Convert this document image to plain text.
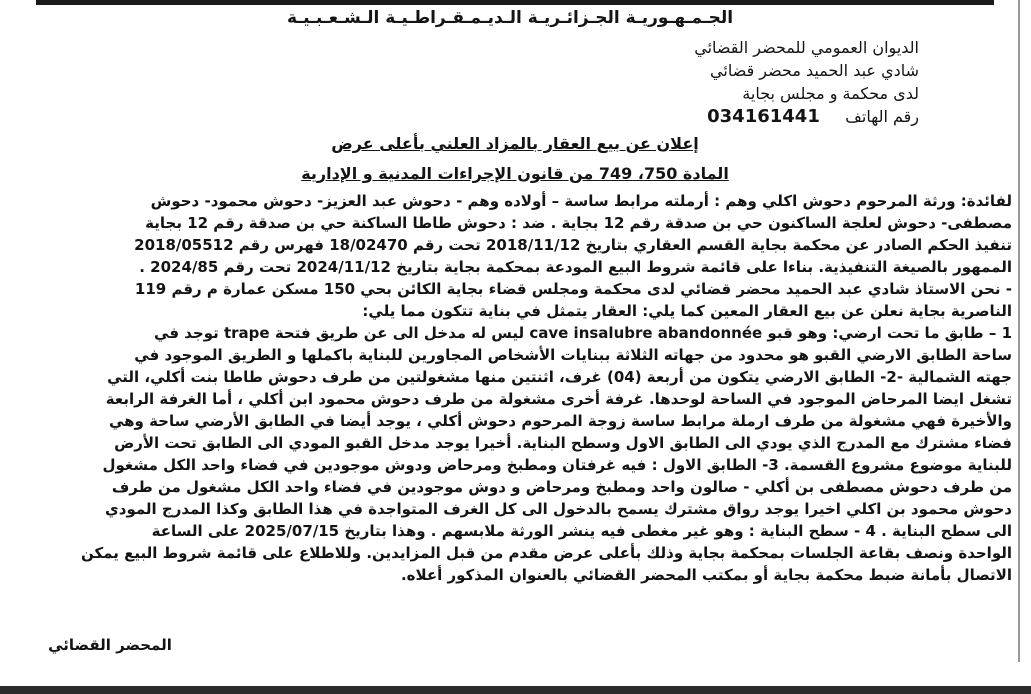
الجـمـهـوريـة الجـزائـريـة الـديـمـقـراطـيـة الـشـعـبـيـة
الديوان العمومي للمحضر القضائي
شادي عبد الحميد محضر قضائي
لدى محكمة و مجلس بجاية
رقم الهاتف     034161441
إعلان عن بيع العقار بالمزاد العلني بأعلى عرض
المادة 750، 749 من قانون الإجراءات المدنية و الإدارية
لفائدة: ورثة المرحوم دحوش اكلي وهم : أرملته مرابط ساسة – أولاده وهم - دحوش عبد العزيز- دحوش محمود- دحوش
مصطفى- دحوش لعلجة الساكنون حي بن صدقة رقم 12 بجاية . ضد : دحوش طاطا الساكنة حي بن صدقة رقم 12 بجاية
تنفيذ الحكم الصادر عن محكمة بجاية القسم العقاري بتاريخ 2018/11/12 تحت رقم 18/02470 فهرس رقم 2018/05512
الممهور بالصيغة التنفيذية. بناءا على قائمة شروط البيع المودعة بمحكمة بجاية بتاريخ 2024/11/12 تحت رقم 2024/85 .
- نحن الاستاذ شادي عبد الحميد محضر قضائي لدى محكمة ومجلس قضاء بجاية الكائن بحي 150 مسكن عمارة م رقم 119
الناصرية بجاية نعلن عن بيع العقار المعين كما يلي: العقار يتمثل في بناية تتكون مما يلي:
1 – طابق ما تحت ارضي: وهو قبو cave insalubre abandonnée ليس له مدخل الى عن طريق فتحة trape توجد في
ساحة الطابق الارضي القبو هو محدود من جهاته الثلاثة ببنايات الأشخاص المجاورين للبناية باكملها و الطريق الموجود في
جهته الشمالية -2- الطابق الارضي يتكون من أربعة (04) غرف، اثنتين منها مشغولتين من طرف دحوش طاطا بنت أكلي، التي
تشغل ايضا المرحاض الموجود في الساحة لوحدها. غرفة أخرى مشغولة من طرف دحوش محمود ابن أكلي ، أما الغرفة الرابعة
والأخيرة فهي مشغولة من طرف ارملة مرابط ساسة زوجة المرحوم دحوش أكلي ، يوجد أيضا في الطابق الأرضي ساحة وهي
فضاء مشترك مع المدرج الذي يودي الى الطابق الاول وسطح البناية. أخيرا يوجد مدخل القبو المودي الى الطابق تحت الأرض
للبناية موضوع مشروع القسمة. 3- الطابق الاول : فيه غرفتان ومطبخ ومرحاض ودوش موجودين في فضاء واحد الكل مشغول
من طرف دحوش مصطفى بن أكلي - صالون واحد ومطبخ ومرحاض و دوش موجودين في فضاء واحد الكل مشغول من طرف
دحوش محمود بن اكلي اخيرا يوجد رواق مشترك يسمح بالدخول الى كل الغرف المتواجدة في هذا الطابق وكذا المدرج المودي
الى سطح البناية . 4 - سطح البناية : وهو غير مغطى فيه ينشر الورثة ملابسهم . وهذا بتاريخ 2025/07/15 على الساعة
الواحدة ونصف بقاعة الجلسات بمحكمة بجاية وذلك بأعلى عرض مقدم من قبل المزايدين. وللاطلاع على قائمة شروط البيع يمكن
الاتصال بأمانة ضبط محكمة بجاية أو بمكتب المحضر القضائي بالعنوان المذكور أعلاه.
المحضر القضائي
